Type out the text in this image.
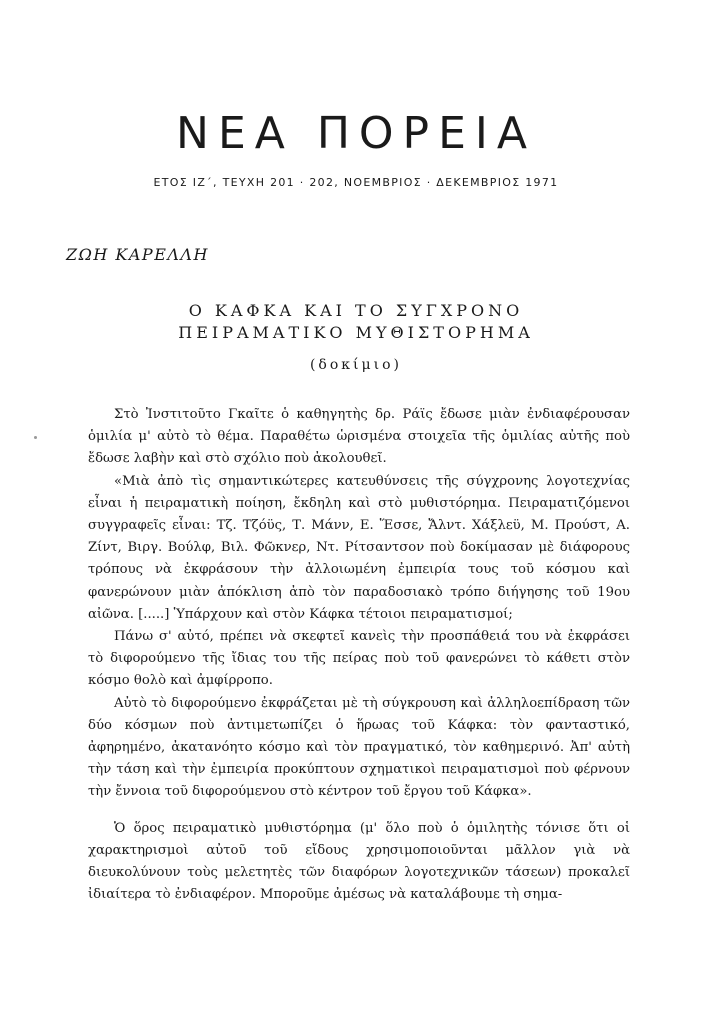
ΝΕΑ ΠΟΡΕΙΑ
ΕΤΟΣ ΙΖ΄, ΤΕΥΧΗ 201 · 202, ΝΟΕΜΒΡΙΟΣ · ΔΕΚΕΜΒΡΙΟΣ 1971
ΖΩΗ ΚΑΡΕΛΛΗ
Ο ΚΑΦΚΑ ΚΑΙ ΤΟ ΣΥΓΧΡΟΝΟ
ΠΕΙΡΑΜΑΤΙΚΟ ΜΥΘΙΣΤΟΡΗΜΑ
(δοκίμιο)

Στὸ Ἰνστιτοῦτο Γκαῖτε ὁ καθηγητὴς δρ. Ράϊς ἔδωσε μιὰν ἐνδιαφέρουσαν ὁμιλία μ' αὐτὸ τὸ θέμα. Παραθέτω ὡρισμένα στοιχεῖα τῆς ὁμιλίας αὐτῆς ποὺ ἔδωσε λαβὴν καὶ στὸ σχόλιο ποὺ ἀκολουθεῖ.

«Μιὰ ἀπὸ τὶς σημαντικώτερες κατευθύνσεις τῆς σύγχρονης λογοτεχνίας εἶναι ἡ πειραματικὴ ποίηση, ἔκδηλη καὶ στὸ μυθιστόρημα. Πειραματιζόμενοι συγγραφεῖς εἶναι: Τζ. Τζόϋς, Τ. Μάνν, Ε. Ἕσσε, Ἄλντ. Χάξλεϋ, Μ. Προύστ, Α. Ζίντ, Βιργ. Βούλφ, Βιλ. Φῶκνερ, Ντ. Ρίτσαντσον ποὺ δοκίμασαν μὲ διάφορους τρόπους νὰ ἐκφράσουν τὴν ἀλλοιωμένη ἐμπειρία τους τοῦ κόσμου καὶ φανερώνουν μιὰν ἀπόκλιση ἀπὸ τὸν παραδοσιακὸ τρόπο διήγησης τοῦ 19ου αἰῶνα. [.....] Ὑπάρχουν καὶ στὸν Κάφκα τέτοιοι πειραματισμοί;

Πάνω σ' αὐτό, πρέπει νὰ σκεφτεῖ κανεὶς τὴν προσπάθειά του νὰ ἐκφράσει τὸ διφορούμενο τῆς ἴδιας του τῆς πείρας ποὺ τοῦ φανερώνει τὸ κάθετι στὸν κόσμο θολὸ καὶ ἀμφίρροπο.

Αὐτὸ τὸ διφορούμενο ἐκφράζεται μὲ τὴ σύγκρουση καὶ ἀλληλοεπίδραση τῶν δύο κόσμων ποὺ ἀντιμετωπίζει ὁ ἥρωας τοῦ Κάφκα: τὸν φανταστικό, ἀφηρημένο, ἀκατανόητο κόσμο καὶ τὸν πραγματικό, τὸν καθημερινό. Ἀπ' αὐτὴ τὴν τάση καὶ τὴν ἐμπειρία προκύπτουν σχηματικοὶ πειραματισμοὶ ποὺ φέρνουν τὴν ἔννοια τοῦ διφορούμενου στὸ κέντρον τοῦ ἔργου τοῦ Κάφκα».

Ὁ ὅρος πειραματικὸ μυθιστόρημα (μ' ὅλο ποὺ ὁ ὁμιλητὴς τόνισε ὅτι οἱ χαρακτηρισμοὶ αὐτοῦ τοῦ εἴδους χρησιμοποιοῦνται μᾶλλον γιὰ νὰ διευκολύνουν τοὺς μελετητὲς τῶν διαφόρων λογοτεχνικῶν τάσεων) προκαλεῖ ἰδιαίτερα τὸ ἐνδιαφέρον. Μποροῦμε ἀμέσως νὰ καταλάβουμε τὴ σημα-
